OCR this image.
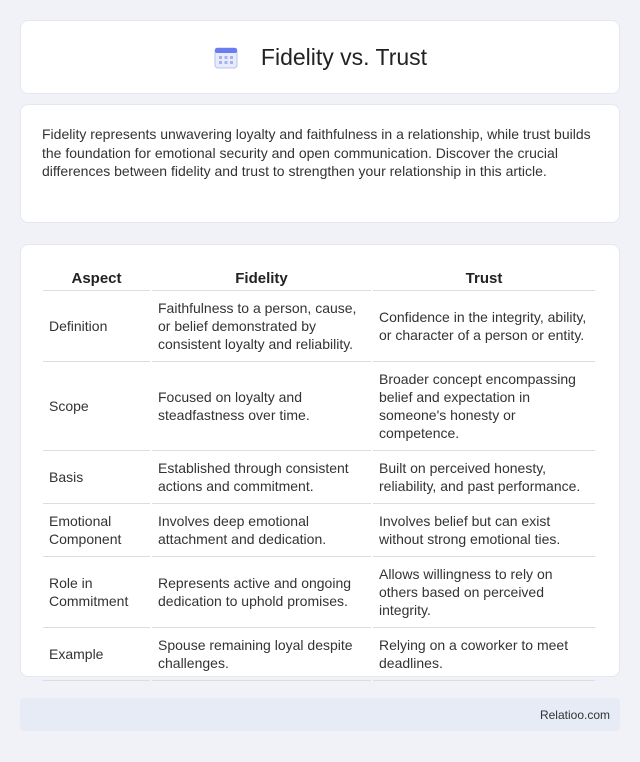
Fidelity vs. Trust

Fidelity represents unwavering loyalty and faithfulness in a relationship, while trust builds the foundation for emotional security and open communication. Discover the crucial differences between fidelity and trust to strengthen your relationship in this article.

Aspect	Fidelity	Trust
Definition	Faithfulness to a person, cause, or belief demonstrated by consistent loyalty and reliability.	Confidence in the integrity, ability, or character of a person or entity.
Scope	Focused on loyalty and steadfastness over time.	Broader concept encompassing belief and expectation in someone's honesty or competence.
Basis	Established through consistent actions and commitment.	Built on perceived honesty, reliability, and past performance.
Emotional Component	Involves deep emotional attachment and dedication.	Involves belief but can exist without strong emotional ties.
Role in Commitment	Represents active and ongoing dedication to uphold promises.	Allows willingness to rely on others based on perceived integrity.
Example	Spouse remaining loyal despite challenges.	Relying on a coworker to meet deadlines.
Relatioo.com
